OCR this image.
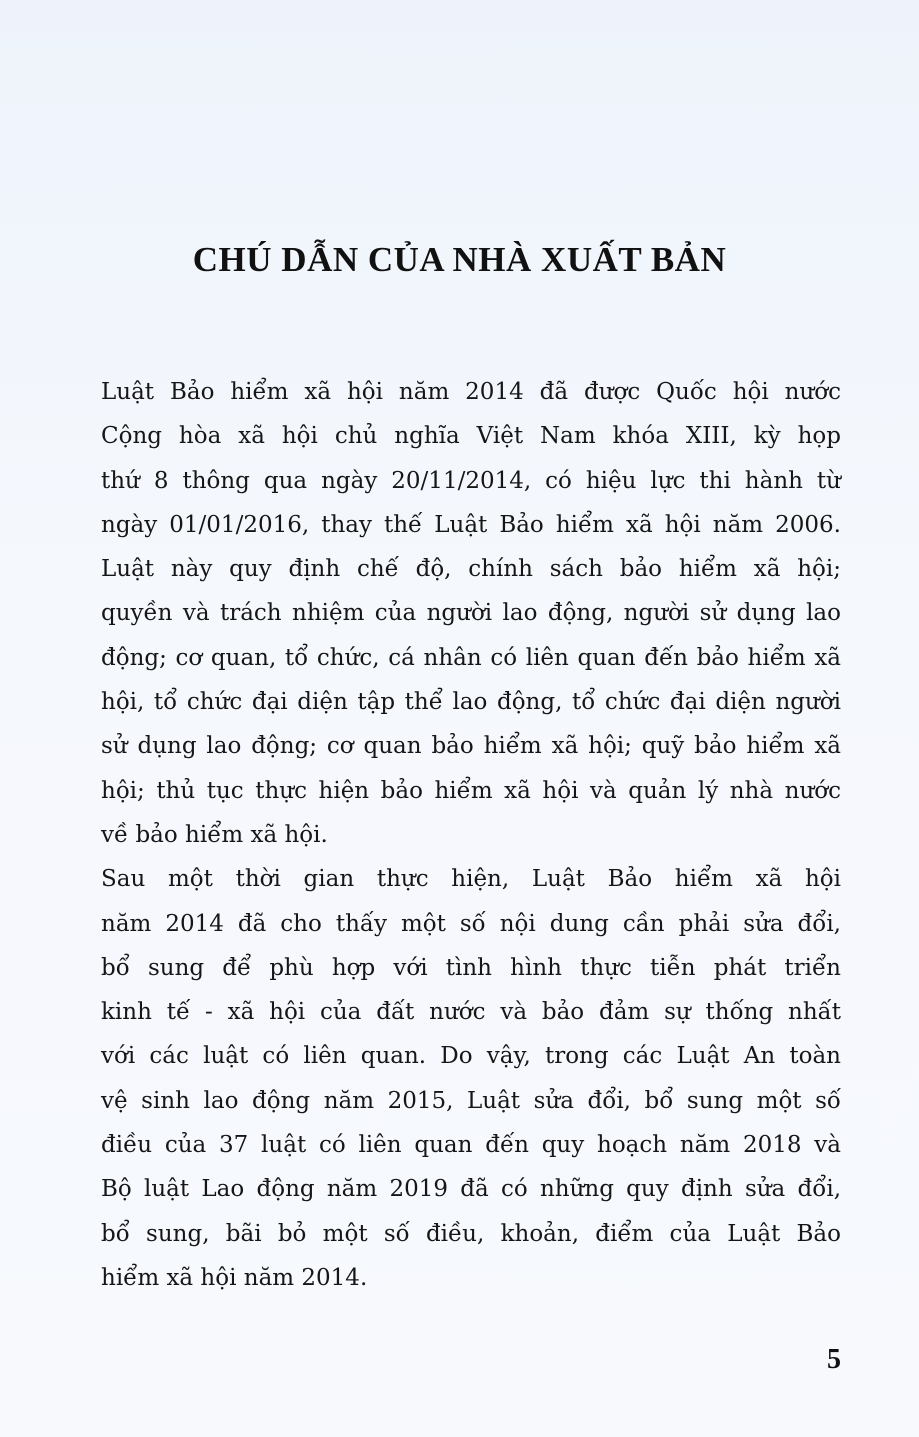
CHÚ DẪN CỦA NHÀ XUẤT BẢN

Luật Bảo hiểm xã hội năm 2014 đã được Quốc hội nước

Cộng hòa xã hội chủ nghĩa Việt Nam khóa XIII, kỳ họp
thứ 8 thông qua ngày 20/11/2014, có hiệu lực thi hành từ
ngày 01/01/2016, thay thế Luật Bảo hiểm xã hội năm 2006.
Luật này quy định chế độ, chính sách bảo hiểm xã hội;
quyền và trách nhiệm của người lao động, người sử dụng lao
động; cơ quan, tổ chức, cá nhân có liên quan đến bảo hiểm xã
hội, tổ chức đại diện tập thể lao động, tổ chức đại diện người
sử dụng lao động; cơ quan bảo hiểm xã hội; quỹ bảo hiểm xã
hội; thủ tục thực hiện bảo hiểm xã hội và quản lý nhà nước
về bảo hiểm xã hội.

Sau một thời gian thực hiện, Luật Bảo hiểm xã hội

năm 2014 đã cho thấy một số nội dung cần phải sửa đổi,
bổ sung để phù hợp với tình hình thực tiễn phát triển
kinh tế - xã hội của đất nước và bảo đảm sự thống nhất
với các luật có liên quan. Do vậy, trong các Luật An toàn
vệ sinh lao động năm 2015, Luật sửa đổi, bổ sung một số
điều của 37 luật có liên quan đến quy hoạch năm 2018 và
Bộ luật Lao động năm 2019 đã có những quy định sửa đổi,
bổ sung, bãi bỏ một số điều, khoản, điểm của Luật Bảo
hiểm xã hội năm 2014.

5
